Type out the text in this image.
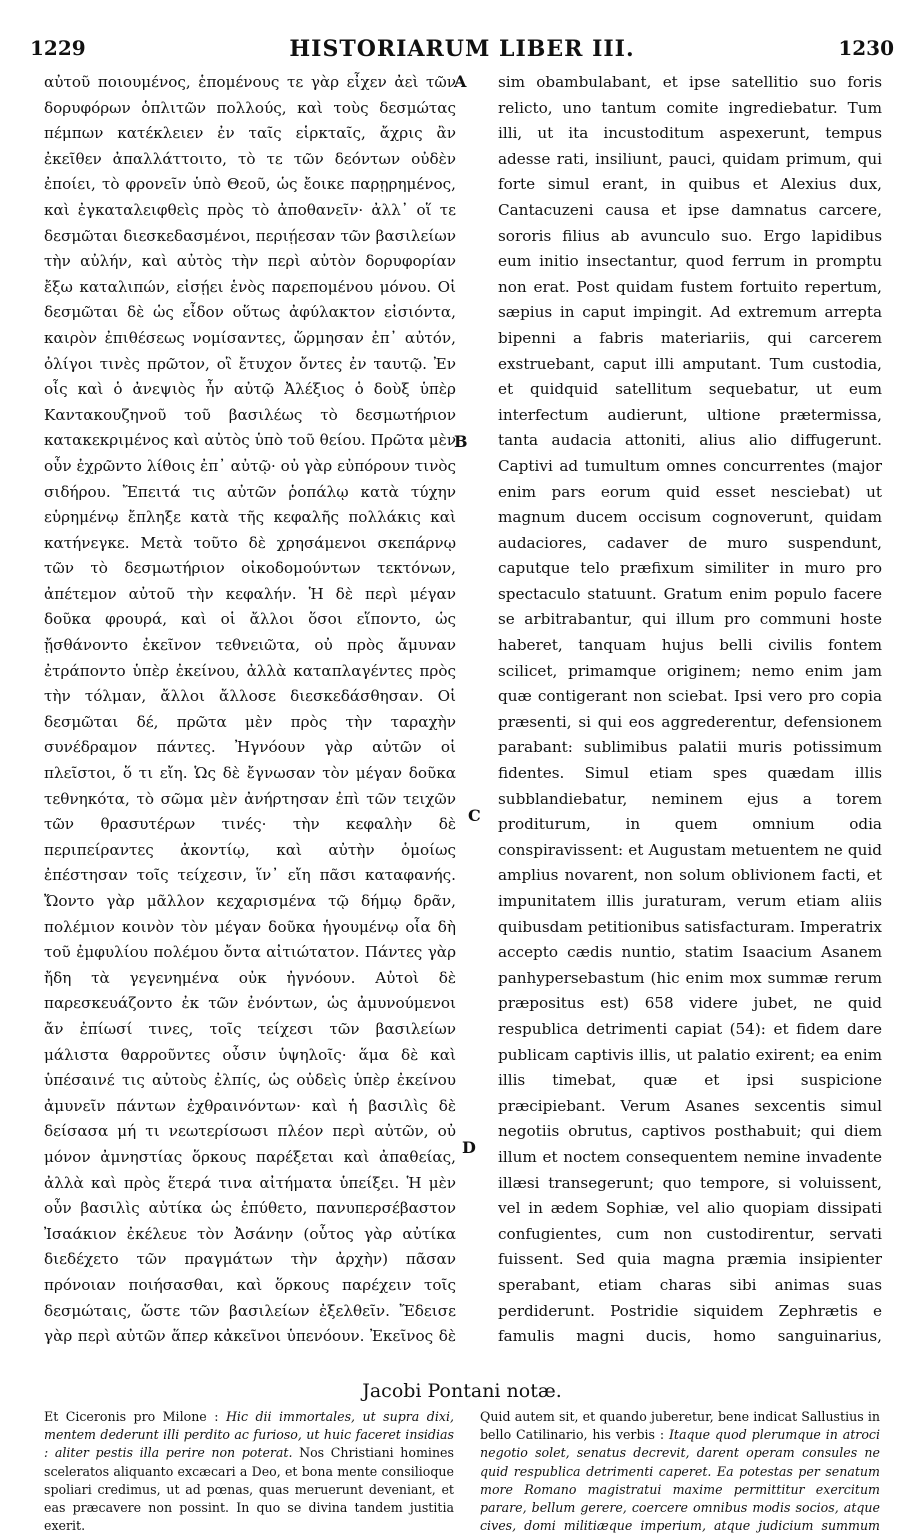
1229	HISTORIARUM LIBER III.	1230

αὐτοῦ ποιουμένος, ἑπομένους τε γὰρ εἶχεν ἀεὶ τῶν δορυφόρων ὁπλιτῶν πολλούς, καὶ τοὺς δεσμώτας πέμπων κατέκλειεν ἐν ταῖς εἱρκταῖς, ἄχρις ἂν ἐκεῖθεν ἀπαλλάττοιτο, τὸ τε τῶν δεόντων οὐδὲν ἐποίει, τὸ φρονεῖν ὑπὸ Θεοῦ, ὡς ἔοικε παρῃρημένος, καὶ ἐγκαταλειφθεὶς πρὸς τὸ ἀποθανεῖν· ἀλλ᾽ οἵ τε δεσμῶται διεσκεδασμένοι, περιῄεσαν τῶν βασιλείων τὴν αὐλήν, καὶ αὐτὸς τὴν περὶ αὐτὸν δορυφορίαν ἔξω καταλιπών, εἰσῄει ἑνὸς παρεπομένου μόνου. Οἱ δεσμῶται δὲ ὡς εἶδον οὕτως ἀφύλακτον εἰσιόντα, καιρὸν ἐπιθέσεως νομίσαντες, ὥρμησαν ἐπ᾽ αὐτόν, ὀλίγοι τινὲς πρῶτον, οἳ ἔτυχον ὄντες ἐν ταυτῷ. Ἐν οἷς καὶ ὁ ἀνεψιὸς ἦν αὐτῷ Ἀλέξιος ὁ δοὺξ ὑπὲρ Καντακουζηνοῦ τοῦ βασιλέως τὸ δεσμωτήριον κατακεκριμένος καὶ αὐτὸς ὑπὸ τοῦ θείου. Πρῶτα μὲν οὖν ἐχρῶντο λίθοις ἐπ᾽ αὐτῷ· οὐ γὰρ εὐπόρουν τινὸς σιδήρου. Ἔπειτά τις αὐτῶν ῥοπάλῳ κατὰ τύχην εὑρημένῳ ἔπληξε κατὰ τῆς κεφαλῆς πολλάκις καὶ κατήνεγκε. Μετὰ τοῦτο δὲ χρησάμενοι σκεπάρνῳ τῶν τὸ δεσμωτήριον οἰκοδομούντων τεκτόνων, ἀπέτεμον αὐτοῦ τὴν κεφαλήν. Ἡ δὲ περὶ μέγαν δοῦκα φρουρά, καὶ οἱ ἄλλοι ὅσοι εἵποντο, ὡς ᾔσθάνοντο ἐκεῖνον τεθνειῶτα, οὐ πρὸς ἄμυναν ἐτράποντο ὑπὲρ ἐκείνου, ἀλλὰ καταπλαγέντες πρὸς τὴν τόλμαν, ἄλλοι ἄλλοσε διεσκεδάσθησαν. Οἱ δεσμῶται δέ, πρῶτα μὲν πρὸς τὴν ταραχὴν συνέδραμον πάντες. Ἠγνόουν γὰρ αὐτῶν οἱ πλεῖστοι, ὅ τι εἴη. Ὡς δὲ ἔγνωσαν τὸν μέγαν δοῦκα τεθνηκότα, τὸ σῶμα μὲν ἀνήρτησαν ἐπὶ τῶν τειχῶν τῶν θρασυτέρων τινές· τὴν κεφαλὴν δὲ περιπείραντες ἀκοντίῳ, καὶ αὐτὴν ὁμοίως ἐπέστησαν τοῖς τείχεσιν, ἵν᾽ εἴη πᾶσι καταφανής. Ὤοντο γὰρ μᾶλλον κεχαρισμένα τῷ δήμῳ δρᾶν, πολέμιον κοινὸν τὸν μέγαν δοῦκα ἡγουμένῳ οἷα δὴ τοῦ ἐμφυλίου πολέμου ὄντα αἰτιώτατον. Πάντες γὰρ ἤδη τὰ γεγενημένα οὐκ ἠγνόουν. Αὐτοὶ δὲ παρεσκευάζοντο ἐκ τῶν ἐνόντων, ὡς ἀμυνούμενοι ἄν ἐπίωσί τινες, τοῖς τείχεσι τῶν βασιλείων μάλιστα θαρροῦντες οὖσιν ὑψηλοῖς· ἅμα δὲ καὶ ὑπέσαινέ τις αὐτοὺς ἐλπίς, ὡς οὐδεὶς ὑπὲρ ἐκείνου ἀμυνεῖν πάντων ἐχθραινόντων· καὶ ἡ βασιλὶς δὲ δείσασα μή τι νεωτερίσωσι πλέον περὶ αὐτῶν, οὐ μόνον ἀμνηστίας ὅρκους παρέξεται καὶ ἀπαθείας, ἀλλὰ καὶ πρὸς ἕτερά τινα αἰτήματα ὑπείξει. Ἡ μὲν οὖν βασιλὶς αὐτίκα ὡς ἐπύθετο, πανυπερσέβαστον Ἰσαάκιον ἐκέλευε τὸν Ἀσάνην (οὗτος γὰρ αὐτίκα διεδέχετο τῶν πραγμάτων τὴν ἀρχὴν) πᾶσαν πρόνοιαν ποιήσασθαι, καὶ ὅρκους παρέχειν τοῖς δεσμώταις, ὥστε τῶν βασιλείων ἐξελθεῖν. Ἔδεισε γὰρ περὶ αὐτῶν ἅπερ κἀκεῖνοι ὑπενόουν. Ἐκεῖνος δὲ

A
B
C
D

sim obambulabant, et ipse satellitio suo foris relicto, uno tantum comite ingrediebatur. Tum illi, ut ita incustoditum aspexerunt, tempus adesse rati, insiliunt, pauci, quidam primum, qui forte simul erant, in quibus et Alexius dux, Cantacuzeni causa et ipse damnatus carcere, sororis filius ab avunculo suo. Ergo lapidibus eum initio insectantur, quod ferrum in promptu non erat. Post quidam fustem fortuito repertum, sæpius in caput impingit. Ad extremum arrepta bipenni a fabris materiariis, qui carcerem exstruebant, caput illi amputant. Tum custodia, et quidquid satellitum sequebatur, ut eum interfectum audierunt, ultione prætermissa, tanta audacia attoniti, alius alio diffugerunt. Captivi ad tumultum omnes concurrentes (major enim pars eorum quid esset nesciebat) ut magnum ducem occisum cognoverunt, quidam audaciores, cadaver de muro suspendunt, caputque telo præfixum similiter in muro pro spectaculo statuunt. Gratum enim populo facere se arbitrabantur, qui illum pro communi hoste haberet, tanquam hujus belli civilis fontem scilicet, primamque originem; nemo enim jam quæ contigerant non sciebat. Ipsi vero pro copia præsenti, si qui eos aggrederentur, defensionem parabant: sublimibus palatii muris potissimum fidentes. Simul etiam spes quædam illis subblandiebatur, neminem ejus a torem proditurum, in quem omnium odia conspiravissent: et Augustam metuentem ne quid amplius novarent, non solum oblivionem facti, et impunitatem illis juraturam, verum etiam aliis quibusdam petitionibus satisfacturam. Imperatrix accepto cædis nuntio, statim Isaacium Asanem panhypersebastum (hic enim mox summæ rerum præpositus est) 658 videre jubet, ne quid respublica detrimenti capiat (54): et fidem dare publicam captivis illis, ut palatio exirent; ea enim illis timebat, quæ et ipsi suspicione præcipiebant. Verum Asanes sexcentis simul negotiis obrutus, captivos posthabuit; qui diem illum et noctem consequentem nemine invadente illæsi transegerunt; quo tempore, si voluissent, vel in ædem Sophiæ, vel alio quopiam dissipati confugientes, cum non custodirentur, servati fuissent. Sed quia magna præmia insipienter sperabant, etiam charas sibi animas suas perdiderunt. Postridie siquidem Zephrætis e famulis magni ducis, homo sanguinarius,

Jacobi Pontani notæ.

Et Ciceronis pro Milone : Hic dii immortales, ut supra dixi, mentem dederunt illi perdito ac furioso, ut huic faceret insidias : aliter pestis illa perire non poterat. Nos Christiani homines sceleratos aliquanto excæcari a Deo, et bona mente consilioque spoliari credimus, ut ad pœnas, quas meruerunt deveniant, et eas præcavere non possint. In quo se divina tandem justitia exerit.

Quid autem sit, et quando juberetur, bene indicat Sallustius in bello Catilinario, his verbis : Itaque quod plerumque in atroci negotio solet, senatus decrevit, darent operam consules ne quid respublica detrimenti caperet. Ea potestas per senatum more Romano magistratui maxime permittitur exercitum parare, bellum gerere, coercere omnibus modis socios, atque cives, domi militiæque imperium, atque judicium summum
